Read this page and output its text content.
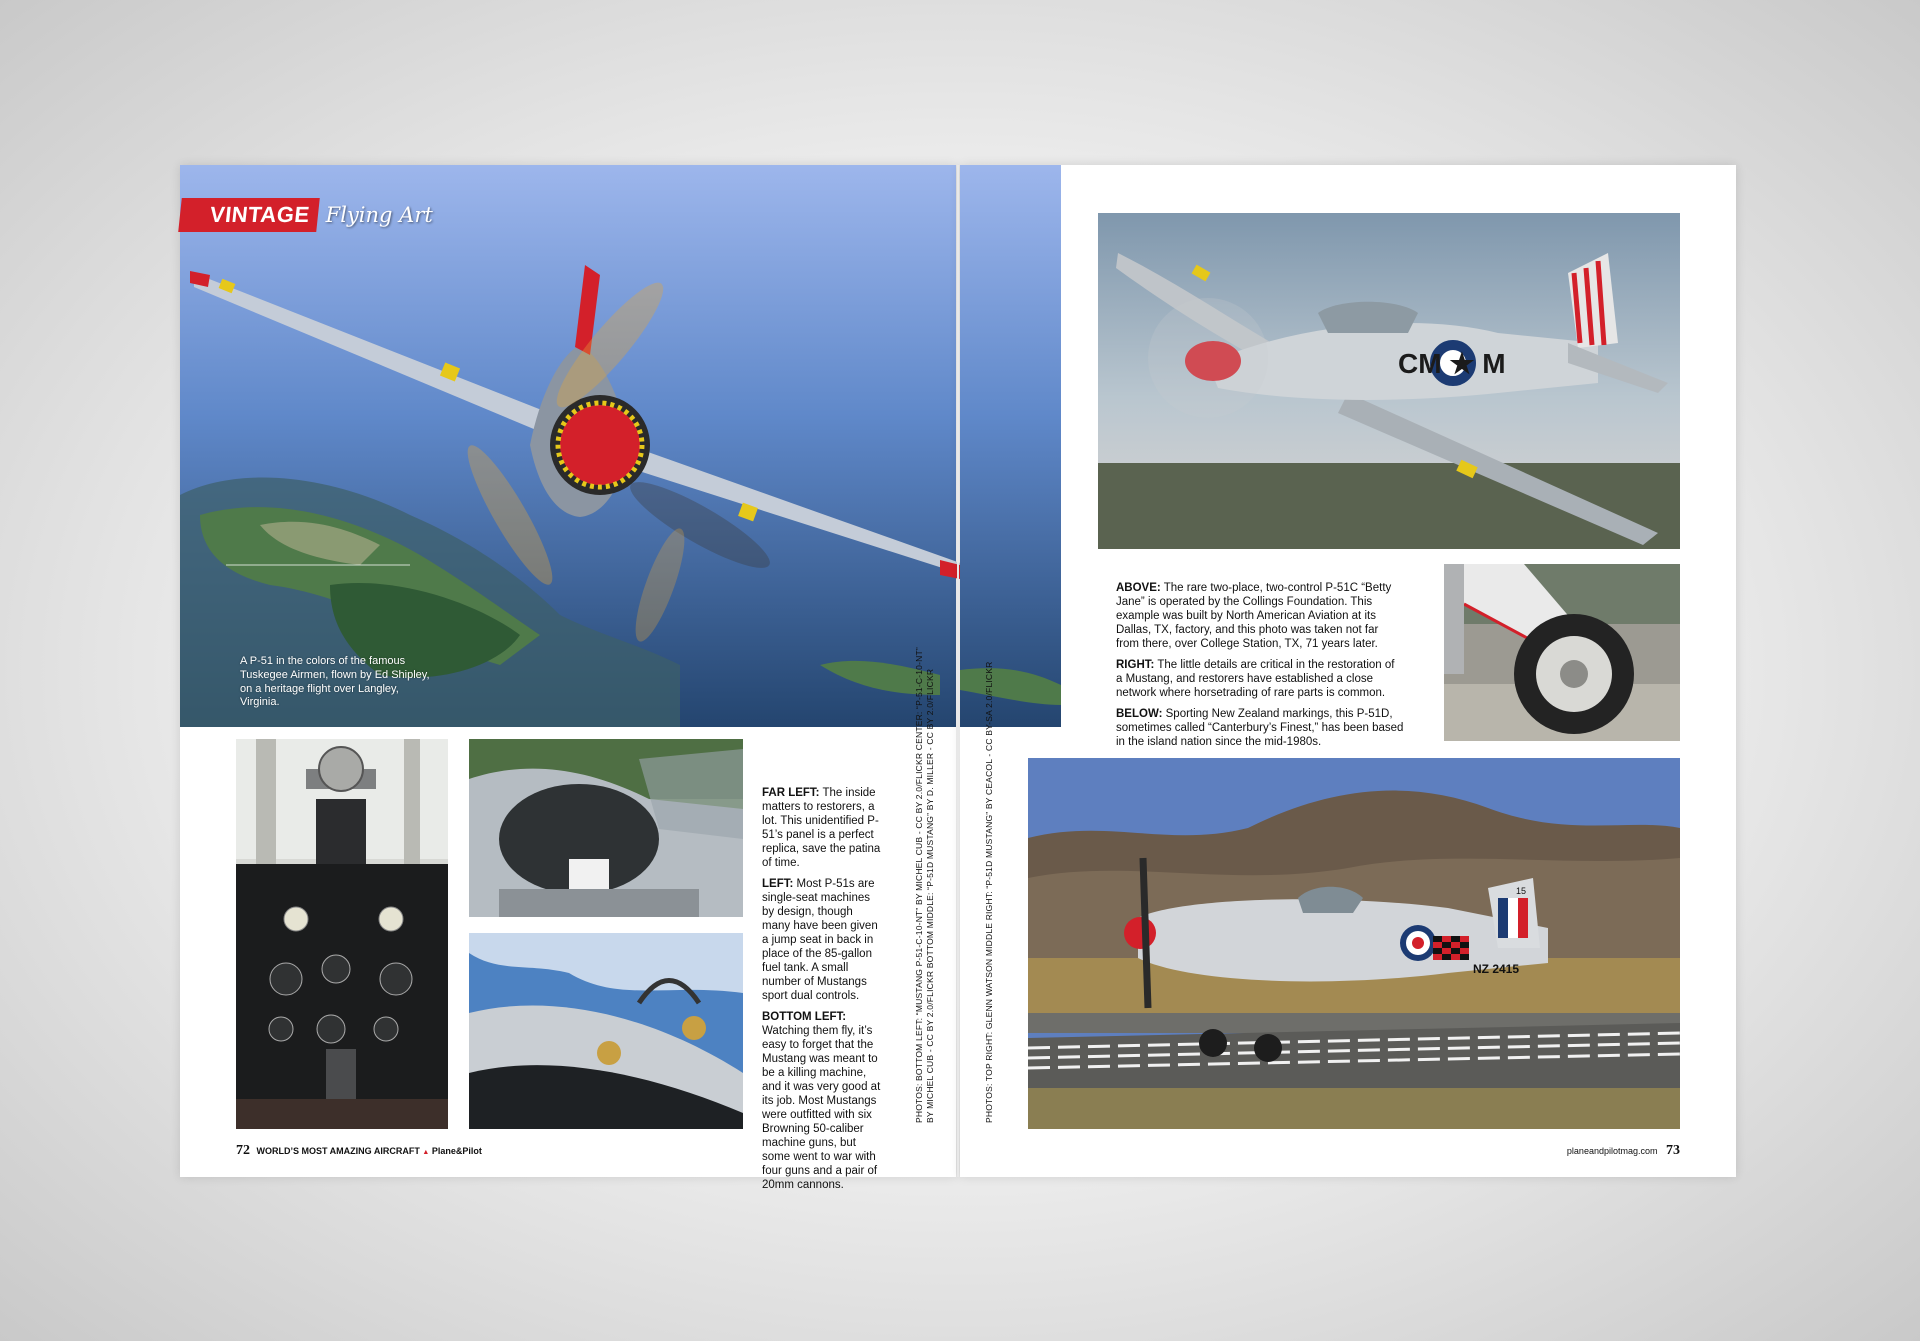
VINTAGE Flying Art
A P-51 in the colors of the famous Tuskegee Airmen, flown by Ed Shipley, on a heritage flight over Langley, Virginia.

FAR LEFT: The inside matters to restorers, a lot. This unidentified P-51’s panel is a perfect replica, save the patina of time.

LEFT: Most P-51s are single-seat machines by design, though many have been given a jump seat in back in place of the 85-gallon fuel tank. A small number of Mustangs sport dual controls.

BOTTOM LEFT: Watching them fly, it’s easy to forget that the Mustang was meant to be a killing machine, and it was very good at its job. Most Mustangs were outfitted with six Browning 50-caliber machine guns, but some went to war with four guns and a pair of 20mm cannons.

PHOTOS: BOTTOM LEFT: “MUSTANG P-51-C-10-NT” BY MICHEL CUB - CC BY 2.0/FLICKR CENTER: “P-51-C-10-NT” BY MICHEL CUB - CC BY 2.0/FLICKR BOTTOM MIDDLE: “P-51D MUSTANG” BY D. MILLER - CC BY 2.0/FLICKR
72 WORLD’S MOST AMAZING AIRCRAFT ▲ Plane&Pilot
CM ★ M

ABOVE: The rare two-place, two-control P-51C “Betty Jane” is operated by the Collings Foundation. This example was built by North American Aviation at its Dallas, TX, factory, and this photo was taken not far from there, over College Station, TX, 71 years later.

RIGHT: The little details are critical in the restoration of a Mustang, and restorers have established a close network where horsetrading of rare parts is common.

BELOW: Sporting New Zealand markings, this P-51D, sometimes called “Canterbury’s Finest,” has been based in the island nation since the mid-1980s.

PHOTOS: TOP RIGHT: GLENN WATSON MIDDLE RIGHT: “P-51D MUSTANG” BY CEACOL - CC BY-SA 2.0/FLICKR	NZ 2415
15
planeandpilotmag.com 73
